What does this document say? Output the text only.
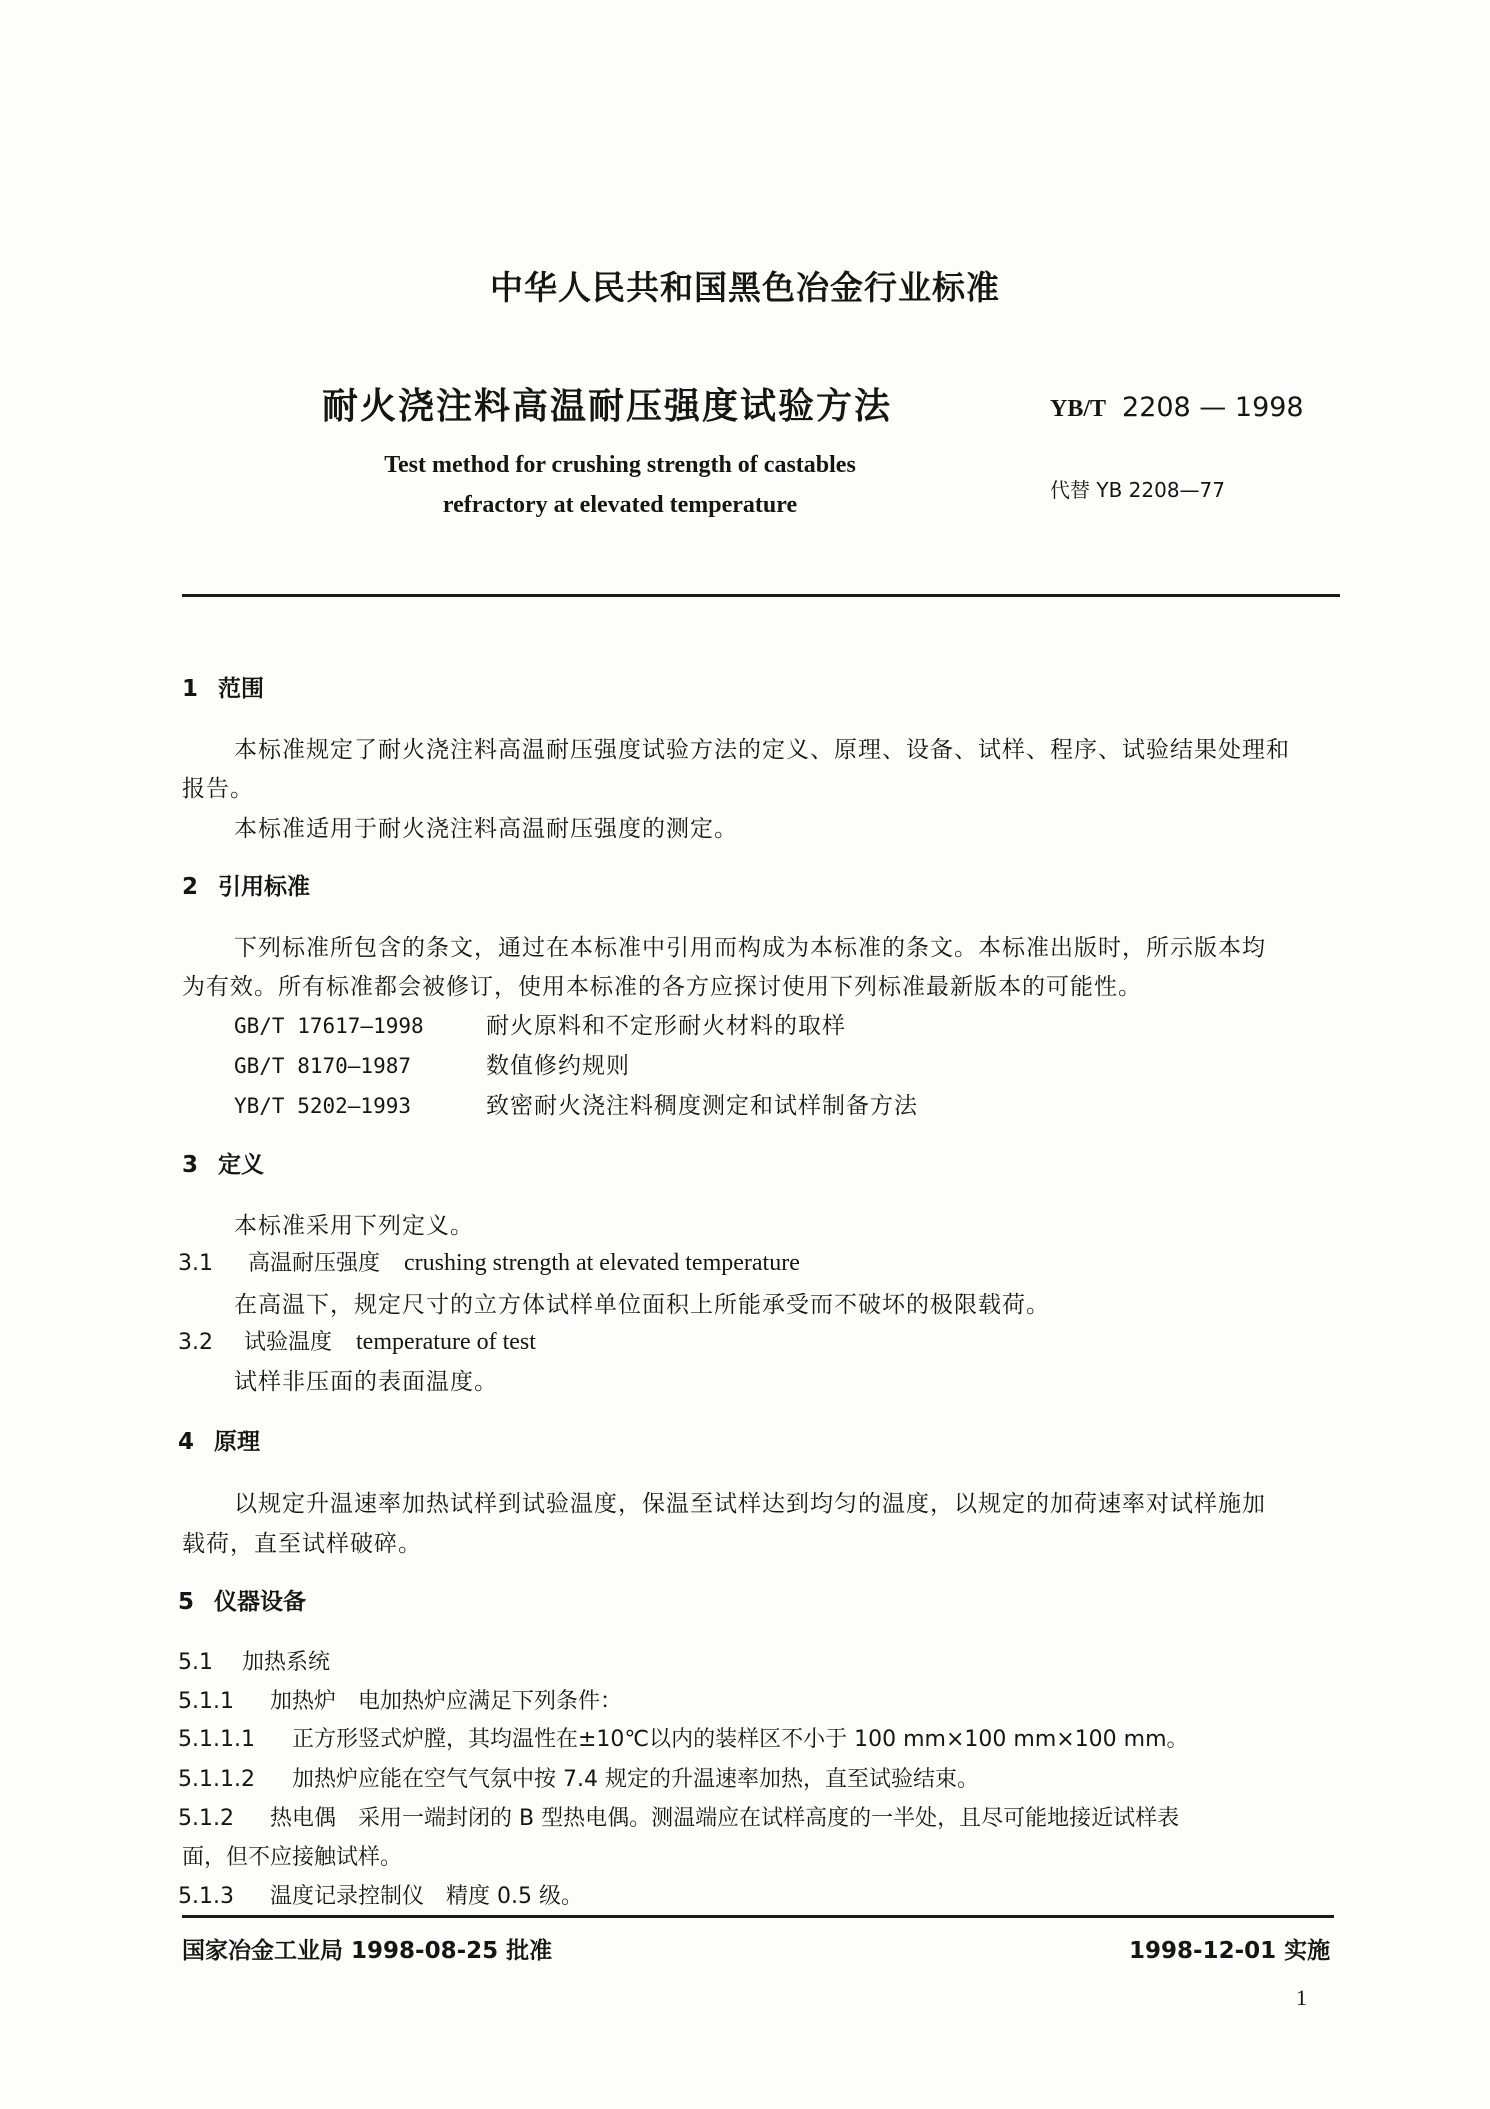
中华人民共和国黑色冶金行业标准
耐火浇注料高温耐压强度试验方法	YB/T 2208 — 1998
Test method for crushing strength of castables
refractory at elevated temperature
代替 YB 2208—77
1 范围
本标准规定了耐火浇注料高温耐压强度试验方法的定义、原理、设备、试样、程序、试验结果处理和
报告。
本标准适用于耐火浇注料高温耐压强度的测定。
2 引用标准
下列标准所包含的条文，通过在本标准中引用而构成为本标准的条文。本标准出版时，所示版本均
为有效。所有标准都会被修订，使用本标准的各方应探讨使用下列标准最新版本的可能性。
GB/T 17617—1998	耐火原料和不定形耐火材料的取样
GB/T 8170—1987	数值修约规则
YB/T 5202—1993	致密耐火浇注料稠度测定和试样制备方法
3 定义
本标准采用下列定义。
3.1 高温耐压强度 crushing strength at elevated temperature
在高温下，规定尺寸的立方体试样单位面积上所能承受而不破坏的极限载荷。
3.2 试验温度 temperature of test
试样非压面的表面温度。
4 原理
以规定升温速率加热试样到试验温度，保温至试样达到均匀的温度，以规定的加荷速率对试样施加
载荷，直至试样破碎。
5 仪器设备
5.1 加热系统
5.1.1 加热炉　电加热炉应满足下列条件：
5.1.1.1 正方形竖式炉膛，其均温性在±10℃以内的装样区不小于 100 mm×100 mm×100 mm。
5.1.1.2 加热炉应能在空气气氛中按 7.4 规定的升温速率加热，直至试验结束。
5.1.2 热电偶　采用一端封闭的 B 型热电偶。测温端应在试样高度的一半处，且尽可能地接近试样表
面，但不应接触试样。
5.1.3 温度记录控制仪　精度 0.5 级。
国家冶金工业局 1998-08-25 批准	1998-12-01 实施
1
